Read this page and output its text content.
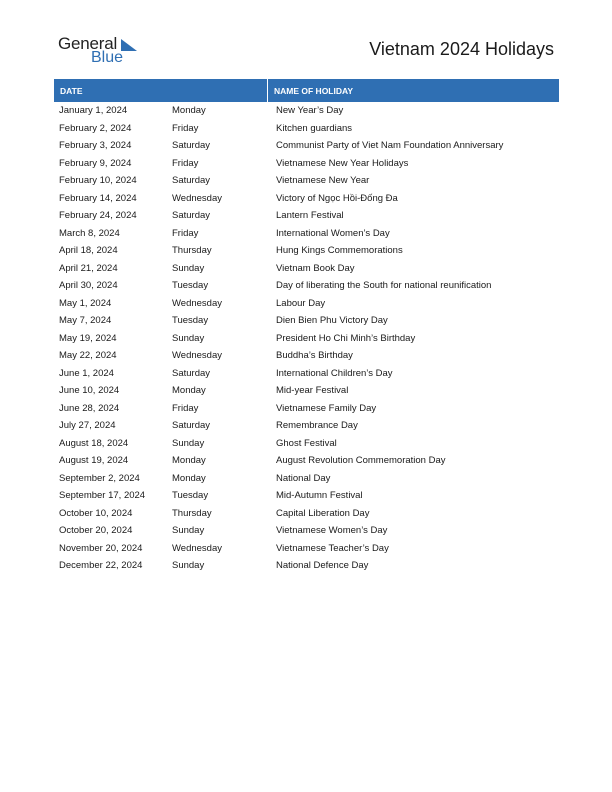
General
Blue	Vietnam 2024 Holidays
DATE	NAME OF HOLIDAY
January 1, 2024	Monday	New Year’s Day
February 2, 2024	Friday	Kitchen guardians
February 3, 2024	Saturday	Communist Party of Viet Nam Foundation Anniversary
February 9, 2024	Friday	Vietnamese New Year Holidays
February 10, 2024	Saturday	Vietnamese New Year
February 14, 2024	Wednesday	Victory of Ngọc Hồi-Đống Đa
February 24, 2024	Saturday	Lantern Festival
March 8, 2024	Friday	International Women’s Day
April 18, 2024	Thursday	Hung Kings Commemorations
April 21, 2024	Sunday	Vietnam Book Day
April 30, 2024	Tuesday	Day of liberating the South for national reunification
May 1, 2024	Wednesday	Labour Day
May 7, 2024	Tuesday	Dien Bien Phu Victory Day
May 19, 2024	Sunday	President Ho Chi Minh’s Birthday
May 22, 2024	Wednesday	Buddha’s Birthday
June 1, 2024	Saturday	International Children’s Day
June 10, 2024	Monday	Mid-year Festival
June 28, 2024	Friday	Vietnamese Family Day
July 27, 2024	Saturday	Remembrance Day
August 18, 2024	Sunday	Ghost Festival
August 19, 2024	Monday	August Revolution Commemoration Day
September 2, 2024	Monday	National Day
September 17, 2024	Tuesday	Mid-Autumn Festival
October 10, 2024	Thursday	Capital Liberation Day
October 20, 2024	Sunday	Vietnamese Women’s Day
November 20, 2024	Wednesday	Vietnamese Teacher’s Day
December 22, 2024	Sunday	National Defence Day
